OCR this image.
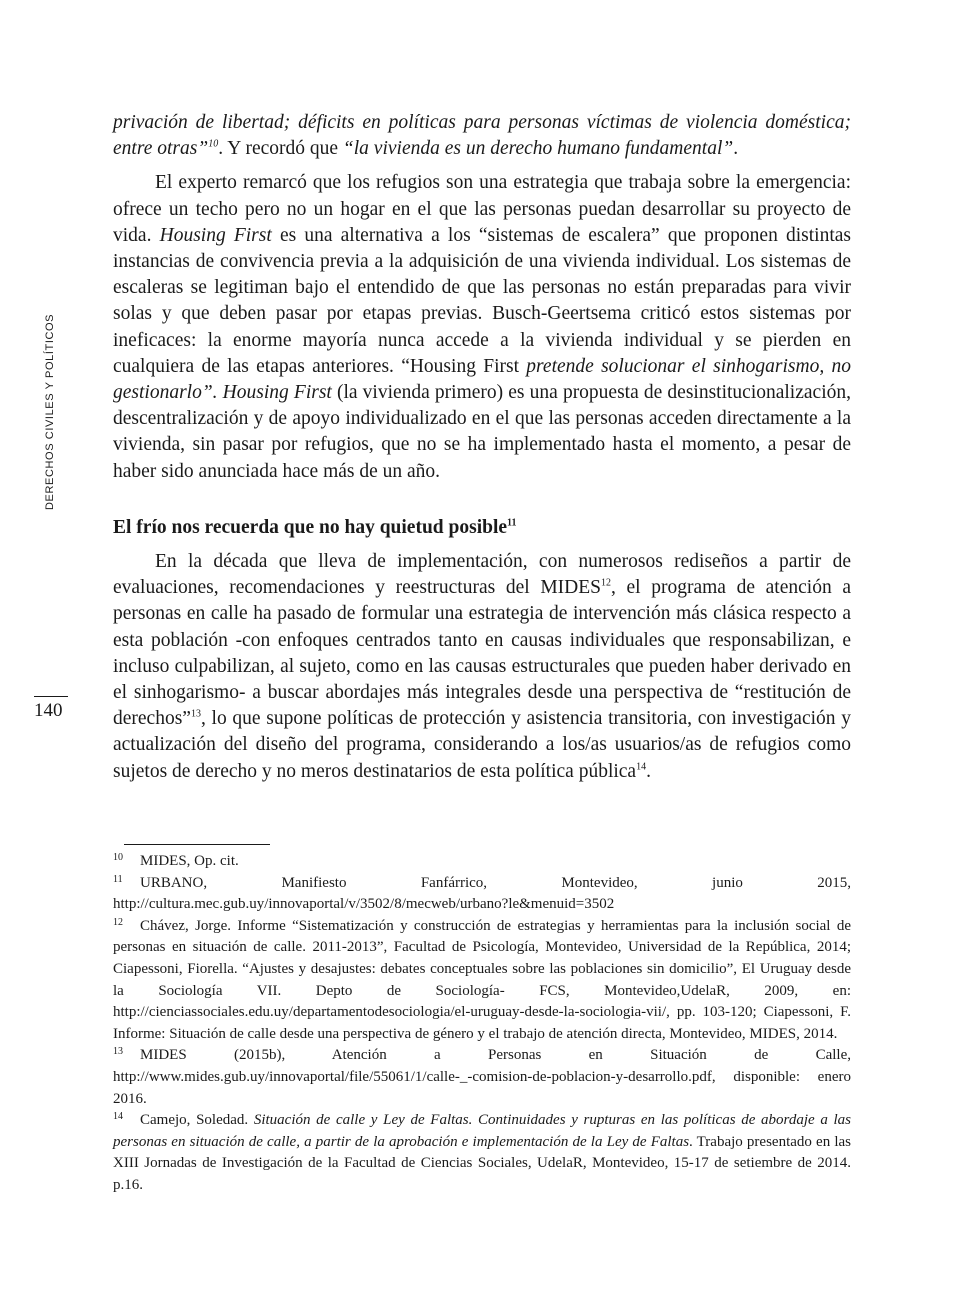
DERECHOS CIVILES Y POLÍTICOS
140

privación de libertad; déficits en políticas para personas víctimas de violencia doméstica; entre otras”$^{10}$. Y recordó que “la vivienda es un derecho humano fundamental”.

El experto remarcó que los refugios son una estrategia que trabaja sobre la emergencia: ofrece un techo pero no un hogar en el que las personas puedan desarrollar su proyecto de vida. Housing First es una alternativa a los “sistemas de escalera” que proponen distintas instancias de convivencia previa a la adquisición de una vivienda individual. Los sistemas de escaleras se legitiman bajo el entendido de que las personas no están preparadas para vivir solas y que deben pasar por etapas previas. Busch-Geertsema criticó estos sistemas por ineficaces: la enorme mayoría nunca accede a la vivienda individual y se pierden en cualquiera de las etapas anteriores. “Housing First pretende solucionar el sinhogarismo, no gestionarlo”. Housing First (la vivienda primero) es una propuesta de desinstitucionalización, descentralización y de apoyo individualizado en el que las personas acceden directamente a la vivienda, sin pasar por refugios, que no se ha implementado hasta el momento, a pesar de haber sido anunciada hace más de un año.

El frío nos recuerda que no hay quietud posible$^{11}$

En la década que lleva de implementación, con numerosos rediseños a partir de evaluaciones, recomendaciones y reestructuras del MIDES$^{12}$, el programa de atención a personas en calle ha pasado de formular una estrategia de intervención más clásica respecto a esta población -con enfoques centrados tanto en causas individuales que responsabilizan, e incluso culpabilizan, al sujeto, como en las causas estructurales que pueden haber derivado en el sinhogarismo- a buscar abordajes más integrales desde una perspectiva de “restitución de derechos”$^{13}$, lo que supone políticas de protección y asistencia transitoria, con investigación y actualización del diseño del programa, considerando a los/as usuarios/as de refugios como sujetos de derecho y no meros destinatarios de esta política pública$^{14}$.

10 MIDES, Op. cit.

11 URBANO, Manifiesto Fanfárrico, Montevideo, junio 2015, http://cultura.mec.gub.uy/innovaportal/v/3502/8/mecweb/urbano?le&menuid=3502

12 Chávez, Jorge. Informe “Sistematización y construcción de estrategias y herramientas para la inclusión social de personas en situación de calle. 2011-2013”, Facultad de Psicología, Montevideo, Universidad de la República, 2014; Ciapessoni, Fiorella. “Ajustes y desajustes: debates conceptuales sobre las poblaciones sin domicilio”, El Uruguay desde la Sociología VII. Depto de Sociología- FCS, Montevideo,UdelaR, 2009, en: http://cienciassociales.edu.uy/departamentodesociologia/el-uruguay-desde-la-sociologia-vii/, pp. 103-120; Ciapessoni, F. Informe: Situación de calle desde una perspectiva de género y el trabajo de atención directa, Montevideo, MIDES, 2014.

13 MIDES (2015b), Atención a Personas en Situación de Calle, http://www.mides.gub.uy/innovaportal/file/55061/1/calle-_-comision-de-poblacion-y-desarrollo.pdf, disponible: enero 2016.

14 Camejo, Soledad. Situación de calle y Ley de Faltas. Continuidades y rupturas en las políticas de abordaje a las personas en situación de calle, a partir de la aprobación e implementación de la Ley de Faltas. Trabajo presentado en las XIII Jornadas de Investigación de la Facultad de Ciencias Sociales, UdelaR, Montevideo, 15-17 de setiembre de 2014. p.16.
